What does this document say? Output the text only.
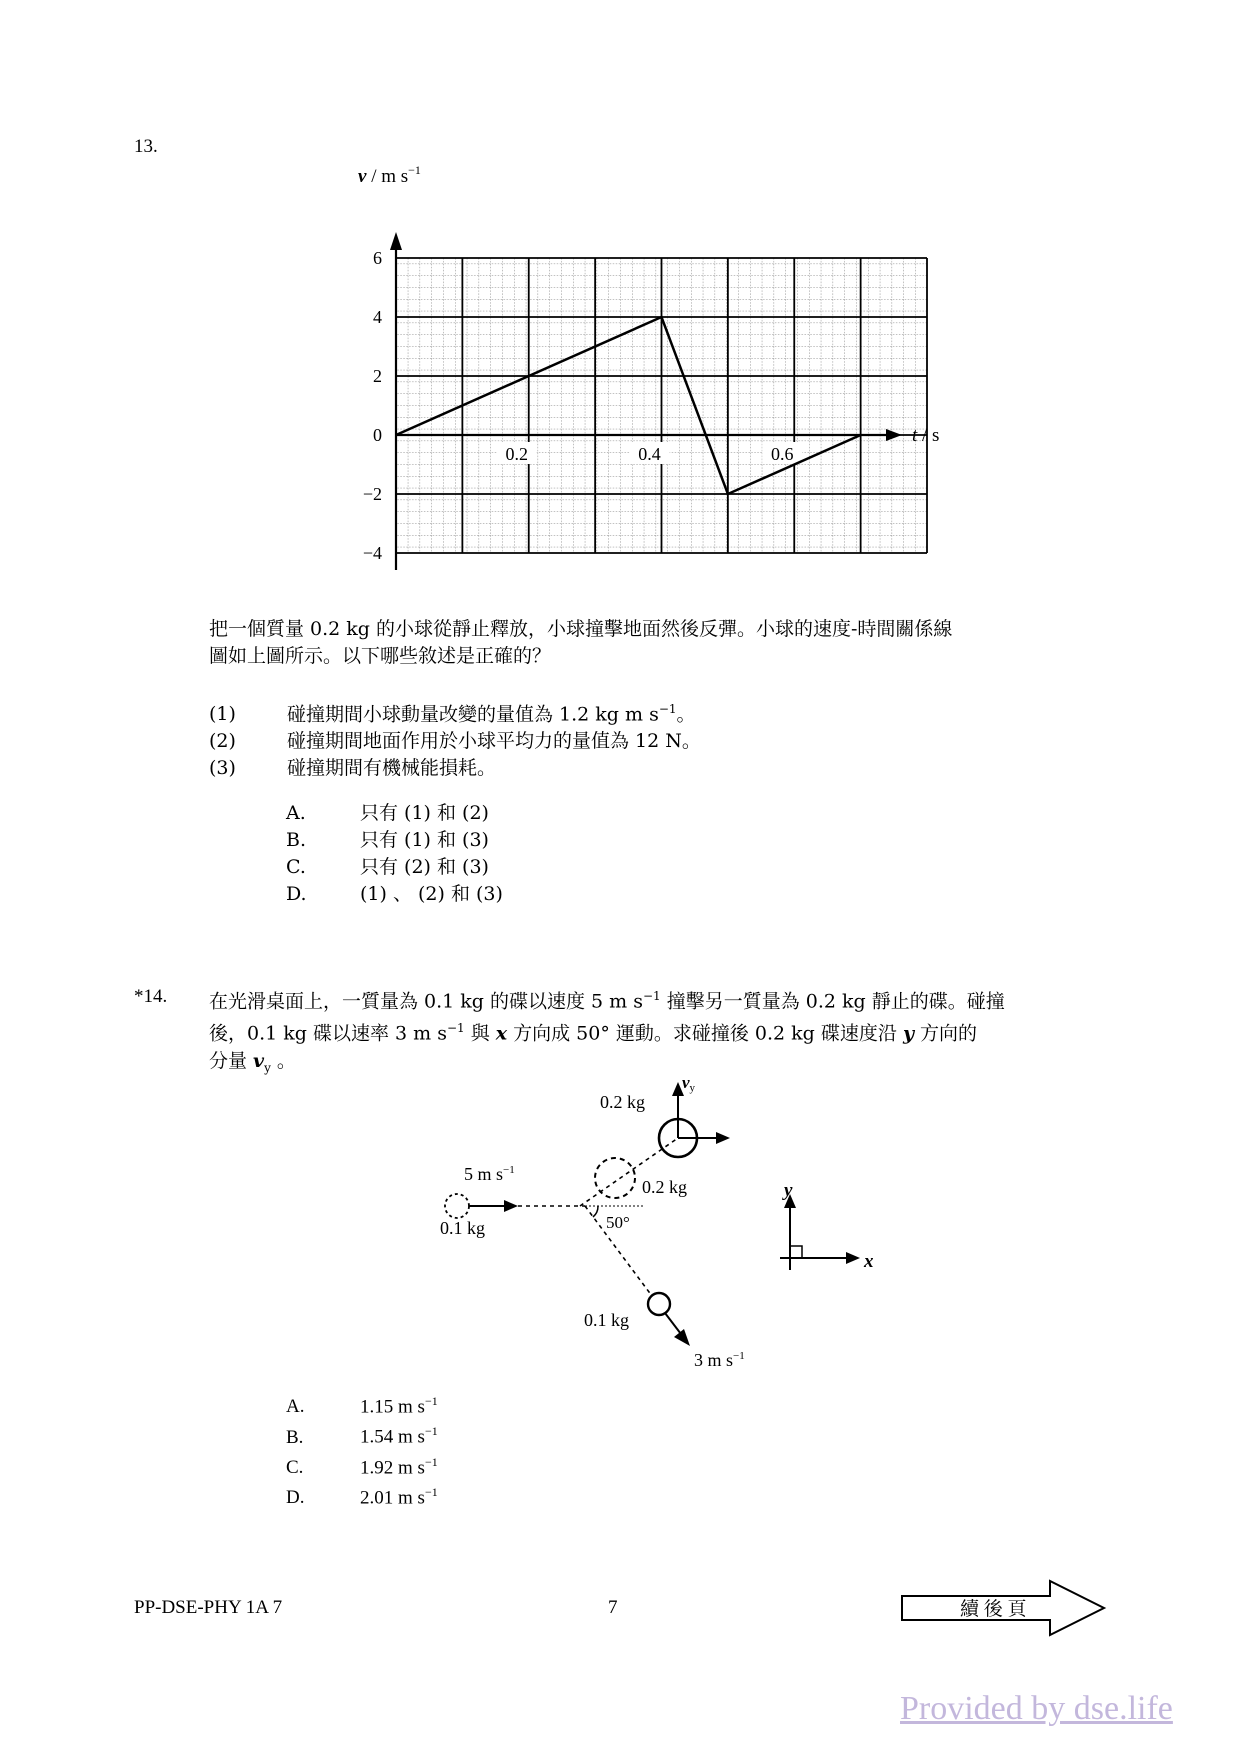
13.
6
4
2
0
−2
−4
0.2	0.4	0.6
v / m $s^{-1}$
t / s
把一個質量 0.2 kg 的小球從靜止釋放，小球撞擊地面然後反彈。小球的速度-時間關係線
圖如上圖所示。以下哪些敘述是正確的？
(1)	碰撞期間小球動量改變的量值為 1.2 kg m $s^{-1}$。
(2)	碰撞期間地面作用於小球平均力的量值為 12 N。
(3)	碰撞期間有機械能損耗。
A.	只有 (1) 和 (2)
B.	只有 (1) 和 (3)
C.	只有 (2) 和 (3)
D.	(1) 、 (2) 和 (3)
*14. 在光滑桌面上，一質量為 0.1 kg 的碟以速度 5 m $s^{-1}$ 撞擊另一質量為 0.2 kg 靜止的碟。碰撞
後，0.1 kg 碟以速率 3 m $s^{-1}$ 與 x 方向成 50° 運動。求碰撞後 0.2 kg 碟速度沿 y 方向的
分量 $v_y$ 。
0.2 kg
vy
5 m $s^{-1}$
0.1 kg
0.2 kg
50°
0.1 kg
3 m $s^{-1}$
y
x
A.	1.15 m $s^{-1}$
B.	1.54 m $s^{-1}$
C.	1.92 m $s^{-1}$
D.	2.01 m $s^{-1}$
PP-DSE-PHY 1A 7	7	續 後 頁
Provided by dse.life
